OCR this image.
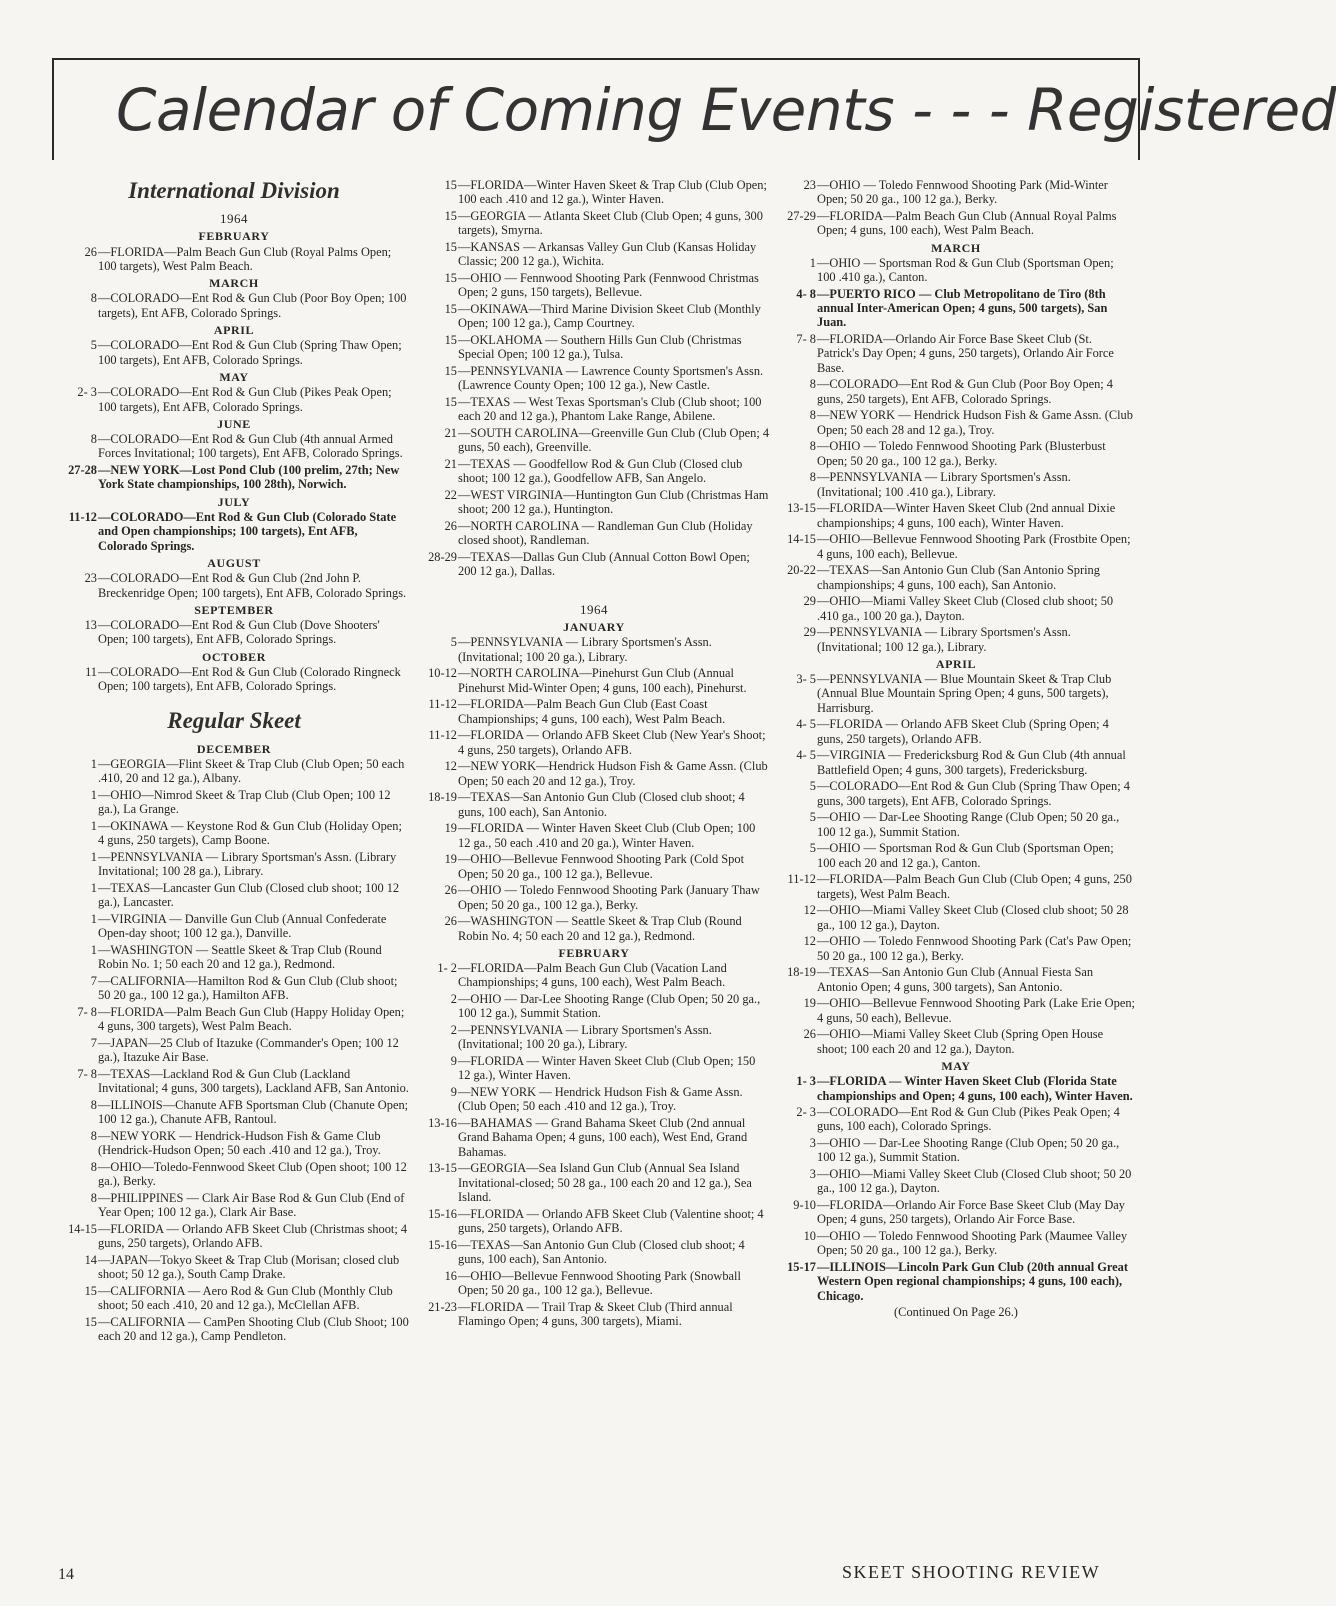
Calendar of Coming Events - - - Registered
International Division
1964
FEBRUARY
26 —FLORIDA—Palm Beach Gun Club (Royal Palms Open; 100 targets), West Palm Beach.
MARCH
8 —COLORADO—Ent Rod & Gun Club (Poor Boy Open; 100 targets), Ent AFB, Colorado Springs.
APRIL
5 —COLORADO—Ent Rod & Gun Club (Spring Thaw Open; 100 targets), Ent AFB, Colorado Springs.
MAY
2- 3 —COLORADO—Ent Rod & Gun Club (Pikes Peak Open; 100 targets), Ent AFB, Colorado Springs.
JUNE
8 —COLORADO—Ent Rod & Gun Club (4th annual Armed Forces Invitational; 100 targets), Ent AFB, Colorado Springs.
27-28 —NEW YORK—Lost Pond Club (100 prelim, 27th; New York State championships, 100 28th), Norwich.
JULY
11-12 —COLORADO—Ent Rod & Gun Club (Colorado State and Open championships; 100 targets), Ent AFB, Colorado Springs.
AUGUST
23 —COLORADO—Ent Rod & Gun Club (2nd John P. Breckenridge Open; 100 targets), Ent AFB, Colorado Springs.
SEPTEMBER
13 —COLORADO—Ent Rod & Gun Club (Dove Shooters' Open; 100 targets), Ent AFB, Colorado Springs.
OCTOBER
11 —COLORADO—Ent Rod & Gun Club (Colorado Ringneck Open; 100 targets), Ent AFB, Colorado Springs.
Regular Skeet
DECEMBER
1 —GEORGIA—Flint Skeet & Trap Club (Club Open; 50 each .410, 20 and 12 ga.), Albany.
1 —OHIO—Nimrod Skeet & Trap Club (Club Open; 100 12 ga.), La Grange.
1 —OKINAWA — Keystone Rod & Gun Club (Holiday Open; 4 guns, 250 targets), Camp Boone.
1 —PENNSYLVANIA — Library Sportsman's Assn. (Library Invitational; 100 28 ga.), Library.
1 —TEXAS—Lancaster Gun Club (Closed club shoot; 100 12 ga.), Lancaster.
1 —VIRGINIA — Danville Gun Club (Annual Confederate Open-day shoot; 100 12 ga.), Danville.
1 —WASHINGTON — Seattle Skeet & Trap Club (Round Robin No. 1; 50 each 20 and 12 ga.), Redmond.
7 —CALIFORNIA—Hamilton Rod & Gun Club (Club shoot; 50 20 ga., 100 12 ga.), Hamilton AFB.
7- 8 —FLORIDA—Palm Beach Gun Club (Happy Holiday Open; 4 guns, 300 targets), West Palm Beach.
7 —JAPAN—25 Club of Itazuke (Commander's Open; 100 12 ga.), Itazuke Air Base.
7- 8 —TEXAS—Lackland Rod & Gun Club (Lackland Invitational; 4 guns, 300 targets), Lackland AFB, San Antonio.
8 —ILLINOIS—Chanute AFB Sportsman Club (Chanute Open; 100 12 ga.), Chanute AFB, Rantoul.
8 —NEW YORK — Hendrick-Hudson Fish & Game Club (Hendrick-Hudson Open; 50 each .410 and 12 ga.), Troy.
8 —OHIO—Toledo-Fennwood Skeet Club (Open shoot; 100 12 ga.), Berky.
8 —PHILIPPINES — Clark Air Base Rod & Gun Club (End of Year Open; 100 12 ga.), Clark Air Base.
14-15 —FLORIDA — Orlando AFB Skeet Club (Christmas shoot; 4 guns, 250 targets), Orlando AFB.
14 —JAPAN—Tokyo Skeet & Trap Club (Morisan; closed club shoot; 50 12 ga.), South Camp Drake.
15 —CALIFORNIA — Aero Rod & Gun Club (Monthly Club shoot; 50 each .410, 20 and 12 ga.), McClellan AFB.
15 —CALIFORNIA — CamPen Shooting Club (Club Shoot; 100 each 20 and 12 ga.), Camp Pendleton.
15 —FLORIDA—Winter Haven Skeet & Trap Club (Club Open; 100 each .410 and 12 ga.), Winter Haven.
15 —GEORGIA — Atlanta Skeet Club (Club Open; 4 guns, 300 targets), Smyrna.
15 —KANSAS — Arkansas Valley Gun Club (Kansas Holiday Classic; 200 12 ga.), Wichita.
15 —OHIO — Fennwood Shooting Park (Fennwood Christmas Open; 2 guns, 150 targets), Bellevue.
15 —OKINAWA—Third Marine Division Skeet Club (Monthly Open; 100 12 ga.), Camp Courtney.
15 —OKLAHOMA — Southern Hills Gun Club (Christmas Special Open; 100 12 ga.), Tulsa.
15 —PENNSYLVANIA — Lawrence County Sportsmen's Assn. (Lawrence County Open; 100 12 ga.), New Castle.
15 —TEXAS — West Texas Sportsman's Club (Club shoot; 100 each 20 and 12 ga.), Phantom Lake Range, Abilene.
21 —SOUTH CAROLINA—Greenville Gun Club (Club Open; 4 guns, 50 each), Greenville.
21 —TEXAS — Goodfellow Rod & Gun Club (Closed club shoot; 100 12 ga.), Goodfellow AFB, San Angelo.
22 —WEST VIRGINIA—Huntington Gun Club (Christmas Ham shoot; 200 12 ga.), Huntington.
26 —NORTH CAROLINA — Randleman Gun Club (Holiday closed shoot), Randleman.
28-29 —TEXAS—Dallas Gun Club (Annual Cotton Bowl Open; 200 12 ga.), Dallas.
1964
JANUARY
5 —PENNSYLVANIA — Library Sportsmen's Assn. (Invitational; 100 20 ga.), Library.
10-12 —NORTH CAROLINA—Pinehurst Gun Club (Annual Pinehurst Mid-Winter Open; 4 guns, 100 each), Pinehurst.
11-12 —FLORIDA—Palm Beach Gun Club (East Coast Championships; 4 guns, 100 each), West Palm Beach.
11-12 —FLORIDA — Orlando AFB Skeet Club (New Year's Shoot; 4 guns, 250 targets), Orlando AFB.
12 —NEW YORK—Hendrick Hudson Fish & Game Assn. (Club Open; 50 each 20 and 12 ga.), Troy.
18-19 —TEXAS—San Antonio Gun Club (Closed club shoot; 4 guns, 100 each), San Antonio.
19 —FLORIDA — Winter Haven Skeet Club (Club Open; 100 12 ga., 50 each .410 and 20 ga.), Winter Haven.
19 —OHIO—Bellevue Fennwood Shooting Park (Cold Spot Open; 50 20 ga., 100 12 ga.), Bellevue.
26 —OHIO — Toledo Fennwood Shooting Park (January Thaw Open; 50 20 ga., 100 12 ga.), Berky.
26 —WASHINGTON — Seattle Skeet & Trap Club (Round Robin No. 4; 50 each 20 and 12 ga.), Redmond.
FEBRUARY
1- 2 —FLORIDA—Palm Beach Gun Club (Vacation Land Championships; 4 guns, 100 each), West Palm Beach.
2 —OHIO — Dar-Lee Shooting Range (Club Open; 50 20 ga., 100 12 ga.), Summit Station.
2 —PENNSYLVANIA — Library Sportsmen's Assn. (Invitational; 100 20 ga.), Library.
9 —FLORIDA — Winter Haven Skeet Club (Club Open; 150 12 ga.), Winter Haven.
9 —NEW YORK — Hendrick Hudson Fish & Game Assn. (Club Open; 50 each .410 and 12 ga.), Troy.
13-16 —BAHAMAS — Grand Bahama Skeet Club (2nd annual Grand Bahama Open; 4 guns, 100 each), West End, Grand Bahamas.
13-15 —GEORGIA—Sea Island Gun Club (Annual Sea Island Invitational-closed; 50 28 ga., 100 each 20 and 12 ga.), Sea Island.
15-16 —FLORIDA — Orlando AFB Skeet Club (Valentine shoot; 4 guns, 250 targets), Orlando AFB.
15-16 —TEXAS—San Antonio Gun Club (Closed club shoot; 4 guns, 100 each), San Antonio.
16 —OHIO—Bellevue Fennwood Shooting Park (Snowball Open; 50 20 ga., 100 12 ga.), Bellevue.
21-23 —FLORIDA — Trail Trap & Skeet Club (Third annual Flamingo Open; 4 guns, 300 targets), Miami.
23 —OHIO — Toledo Fennwood Shooting Park (Mid-Winter Open; 50 20 ga., 100 12 ga.), Berky.
27-29 —FLORIDA—Palm Beach Gun Club (Annual Royal Palms Open; 4 guns, 100 each), West Palm Beach.
MARCH
1 —OHIO — Sportsman Rod & Gun Club (Sportsman Open; 100 .410 ga.), Canton.
4- 8 —PUERTO RICO — Club Metropolitano de Tiro (8th annual Inter-American Open; 4 guns, 500 targets), San Juan.
7- 8 —FLORIDA—Orlando Air Force Base Skeet Club (St. Patrick's Day Open; 4 guns, 250 targets), Orlando Air Force Base.
8 —COLORADO—Ent Rod & Gun Club (Poor Boy Open; 4 guns, 250 targets), Ent AFB, Colorado Springs.
8 —NEW YORK — Hendrick Hudson Fish & Game Assn. (Club Open; 50 each 28 and 12 ga.), Troy.
8 —OHIO — Toledo Fennwood Shooting Park (Blusterbust Open; 50 20 ga., 100 12 ga.), Berky.
8 —PENNSYLVANIA — Library Sportsmen's Assn. (Invitational; 100 .410 ga.), Library.
13-15 —FLORIDA—Winter Haven Skeet Club (2nd annual Dixie championships; 4 guns, 100 each), Winter Haven.
14-15 —OHIO—Bellevue Fennwood Shooting Park (Frostbite Open; 4 guns, 100 each), Bellevue.
20-22 —TEXAS—San Antonio Gun Club (San Antonio Spring championships; 4 guns, 100 each), San Antonio.
29 —OHIO—Miami Valley Skeet Club (Closed club shoot; 50 .410 ga., 100 20 ga.), Dayton.
29 —PENNSYLVANIA — Library Sportsmen's Assn. (Invitational; 100 12 ga.), Library.
APRIL
3- 5 —PENNSYLVANIA — Blue Mountain Skeet & Trap Club (Annual Blue Mountain Spring Open; 4 guns, 500 targets), Harrisburg.
4- 5 —FLORIDA — Orlando AFB Skeet Club (Spring Open; 4 guns, 250 targets), Orlando AFB.
4- 5 —VIRGINIA — Fredericksburg Rod & Gun Club (4th annual Battlefield Open; 4 guns, 300 targets), Fredericksburg.
5 —COLORADO—Ent Rod & Gun Club (Spring Thaw Open; 4 guns, 300 targets), Ent AFB, Colorado Springs.
5 —OHIO — Dar-Lee Shooting Range (Club Open; 50 20 ga., 100 12 ga.), Summit Station.
5 —OHIO — Sportsman Rod & Gun Club (Sportsman Open; 100 each 20 and 12 ga.), Canton.
11-12 —FLORIDA—Palm Beach Gun Club (Club Open; 4 guns, 250 targets), West Palm Beach.
12 —OHIO—Miami Valley Skeet Club (Closed club shoot; 50 28 ga., 100 12 ga.), Dayton.
12 —OHIO — Toledo Fennwood Shooting Park (Cat's Paw Open; 50 20 ga., 100 12 ga.), Berky.
18-19 —TEXAS—San Antonio Gun Club (Annual Fiesta San Antonio Open; 4 guns, 300 targets), San Antonio.
19 —OHIO—Bellevue Fennwood Shooting Park (Lake Erie Open; 4 guns, 50 each), Bellevue.
26 —OHIO—Miami Valley Skeet Club (Spring Open House shoot; 100 each 20 and 12 ga.), Dayton.
MAY
1- 3 —FLORIDA — Winter Haven Skeet Club (Florida State championships and Open; 4 guns, 100 each), Winter Haven.
2- 3 —COLORADO—Ent Rod & Gun Club (Pikes Peak Open; 4 guns, 100 each), Colorado Springs.
3 —OHIO — Dar-Lee Shooting Range (Club Open; 50 20 ga., 100 12 ga.), Summit Station.
3 —OHIO—Miami Valley Skeet Club (Closed Club shoot; 50 20 ga., 100 12 ga.), Dayton.
9-10 —FLORIDA—Orlando Air Force Base Skeet Club (May Day Open; 4 guns, 250 targets), Orlando Air Force Base.
10 —OHIO — Toledo Fennwood Shooting Park (Maumee Valley Open; 50 20 ga., 100 12 ga.), Berky.
15-17 —ILLINOIS—Lincoln Park Gun Club (20th annual Great Western Open regional championships; 4 guns, 100 each), Chicago.
(Continued On Page 26.)
14	SKEET SHOOTING REVIEW
